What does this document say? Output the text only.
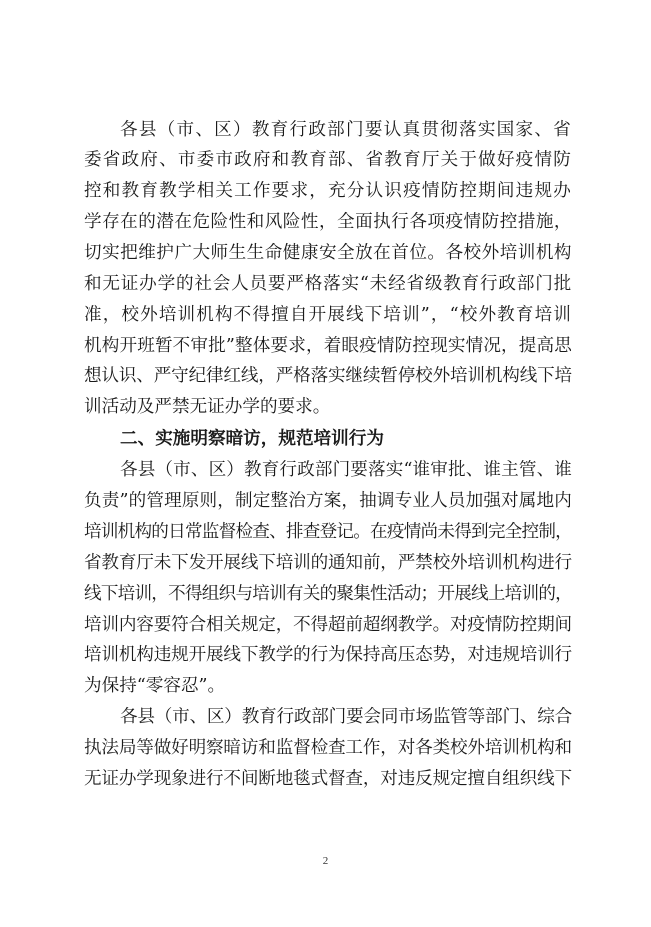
各县（市、区）教育行政部门要认真贯彻落实国家、省
委省政府、市委市政府和教育部、省教育厅关于做好疫情防
控和教育教学相关工作要求，充分认识疫情防控期间违规办
学存在的潜在危险性和风险性，全面执行各项疫情防控措施，
切实把维护广大师生生命健康安全放在首位。各校外培训机构
和无证办学的社会人员要严格落实“未经省级教育行政部门批
准，校外培训机构不得擅自开展线下培训”，“校外教育培训
机构开班暂不审批”整体要求，着眼疫情防控现实情况，提高思
想认识、严守纪律红线，严格落实继续暂停校外培训机构线下培
训活动及严禁无证办学的要求。
二、实施明察暗访，规范培训行为
各县（市、区）教育行政部门要落实“谁审批、谁主管、谁
负责”的管理原则，制定整治方案，抽调专业人员加强对属地内
培训机构的日常监督检查、排查登记。在疫情尚未得到完全控制，
省教育厅未下发开展线下培训的通知前，严禁校外培训机构进行
线下培训，不得组织与培训有关的聚集性活动；开展线上培训的，
培训内容要符合相关规定，不得超前超纲教学。对疫情防控期间
培训机构违规开展线下教学的行为保持高压态势，对违规培训行
为保持“零容忍”。
各县（市、区）教育行政部门要会同市场监管等部门、综合
执法局等做好明察暗访和监督检查工作，对各类校外培训机构和
无证办学现象进行不间断地毯式督查，对违反规定擅自组织线下
2
